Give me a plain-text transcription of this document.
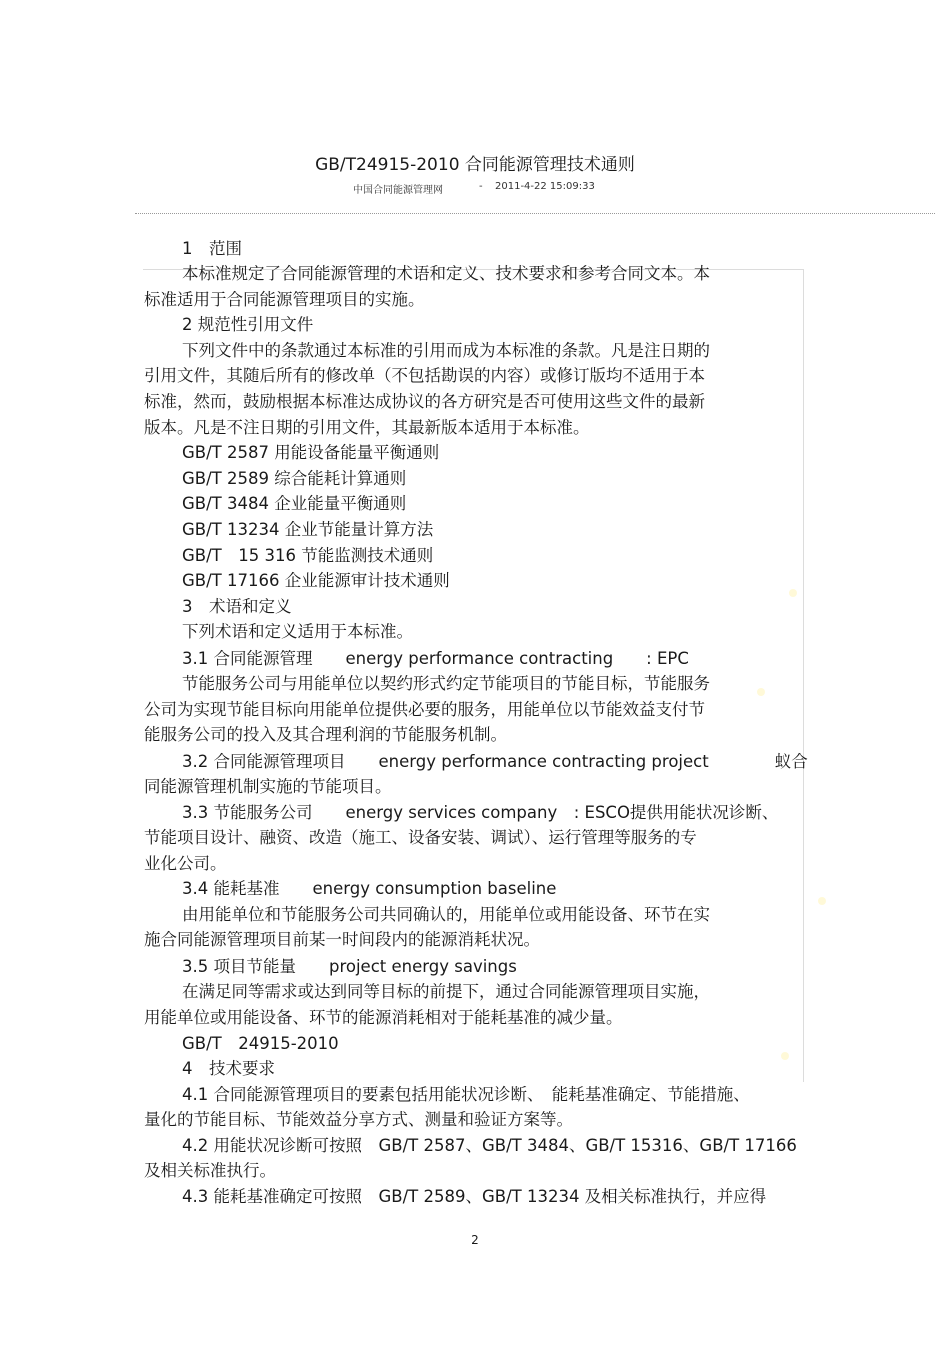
GB/T24915-2010 合同能源管理技术通则
中国合同能源管理网	- 2011-4-22 15:09:33
1　范围
本标准规定了合同能源管理的术语和定义、技术要求和参考合同文本。本
标准适用于合同能源管理项目的实施。
2 规范性引用文件
下列文件中的条款通过本标准的引用而成为本标准的条款。凡是注日期的
引用文件，其随后所有的修改单（不包括勘误的内容）或修订版均不适用于本
标准，然而，鼓励根据本标准达成协议的各方研究是否可使用这些文件的最新
版本。凡是不注日期的引用文件，其最新版本适用于本标准。
GB/T 2587 用能设备能量平衡通则
GB/T 2589 综合能耗计算通则
GB/T 3484 企业能量平衡通则
GB/T 13234 企业节能量计算方法
GB/T　15 316 节能监测技术通则
GB/T 17166 企业能源审计技术通则
3　术语和定义
下列术语和定义适用于本标准。
3.1 合同能源管理　　energy performance contracting　　: EPC
节能服务公司与用能单位以契约形式约定节能项目的节能目标，节能服务
公司为实现节能目标向用能单位提供必要的服务，用能单位以节能效益支付节
能服务公司的投入及其合理利润的节能服务机制。
3.2 合同能源管理项目　　energy performance contracting project　　　　蚁合
同能源管理机制实施的节能项目。
3.3 节能服务公司　　energy services company　: ESCO提供用能状况诊断、
节能项目设计、融资、改造（施工、设备安装、调试）、运行管理等服务的专
业化公司。
3.4 能耗基准　　energy consumption baseline
由用能单位和节能服务公司共同确认的，用能单位或用能设备、环节在实
施合同能源管理项目前某一时间段内的能源消耗状况。
3.5 项目节能量　　project energy savings
在满足同等需求或达到同等目标的前提下，通过合同能源管理项目实施，
用能单位或用能设备、环节的能源消耗相对于能耗基准的减少量。
GB/T　24915-2010
4　技术要求
4.1 合同能源管理项目的要素包括用能状况诊断、　能耗基准确定、节能措施、
量化的节能目标、节能效益分享方式、测量和验证方案等。
4.2 用能状况诊断可按照　GB/T 2587、GB/T 3484、GB/T 15316、GB/T 17166
及相关标准执行。
4.3 能耗基准确定可按照　GB/T 2589、GB/T 13234 及相关标准执行，并应得
2
